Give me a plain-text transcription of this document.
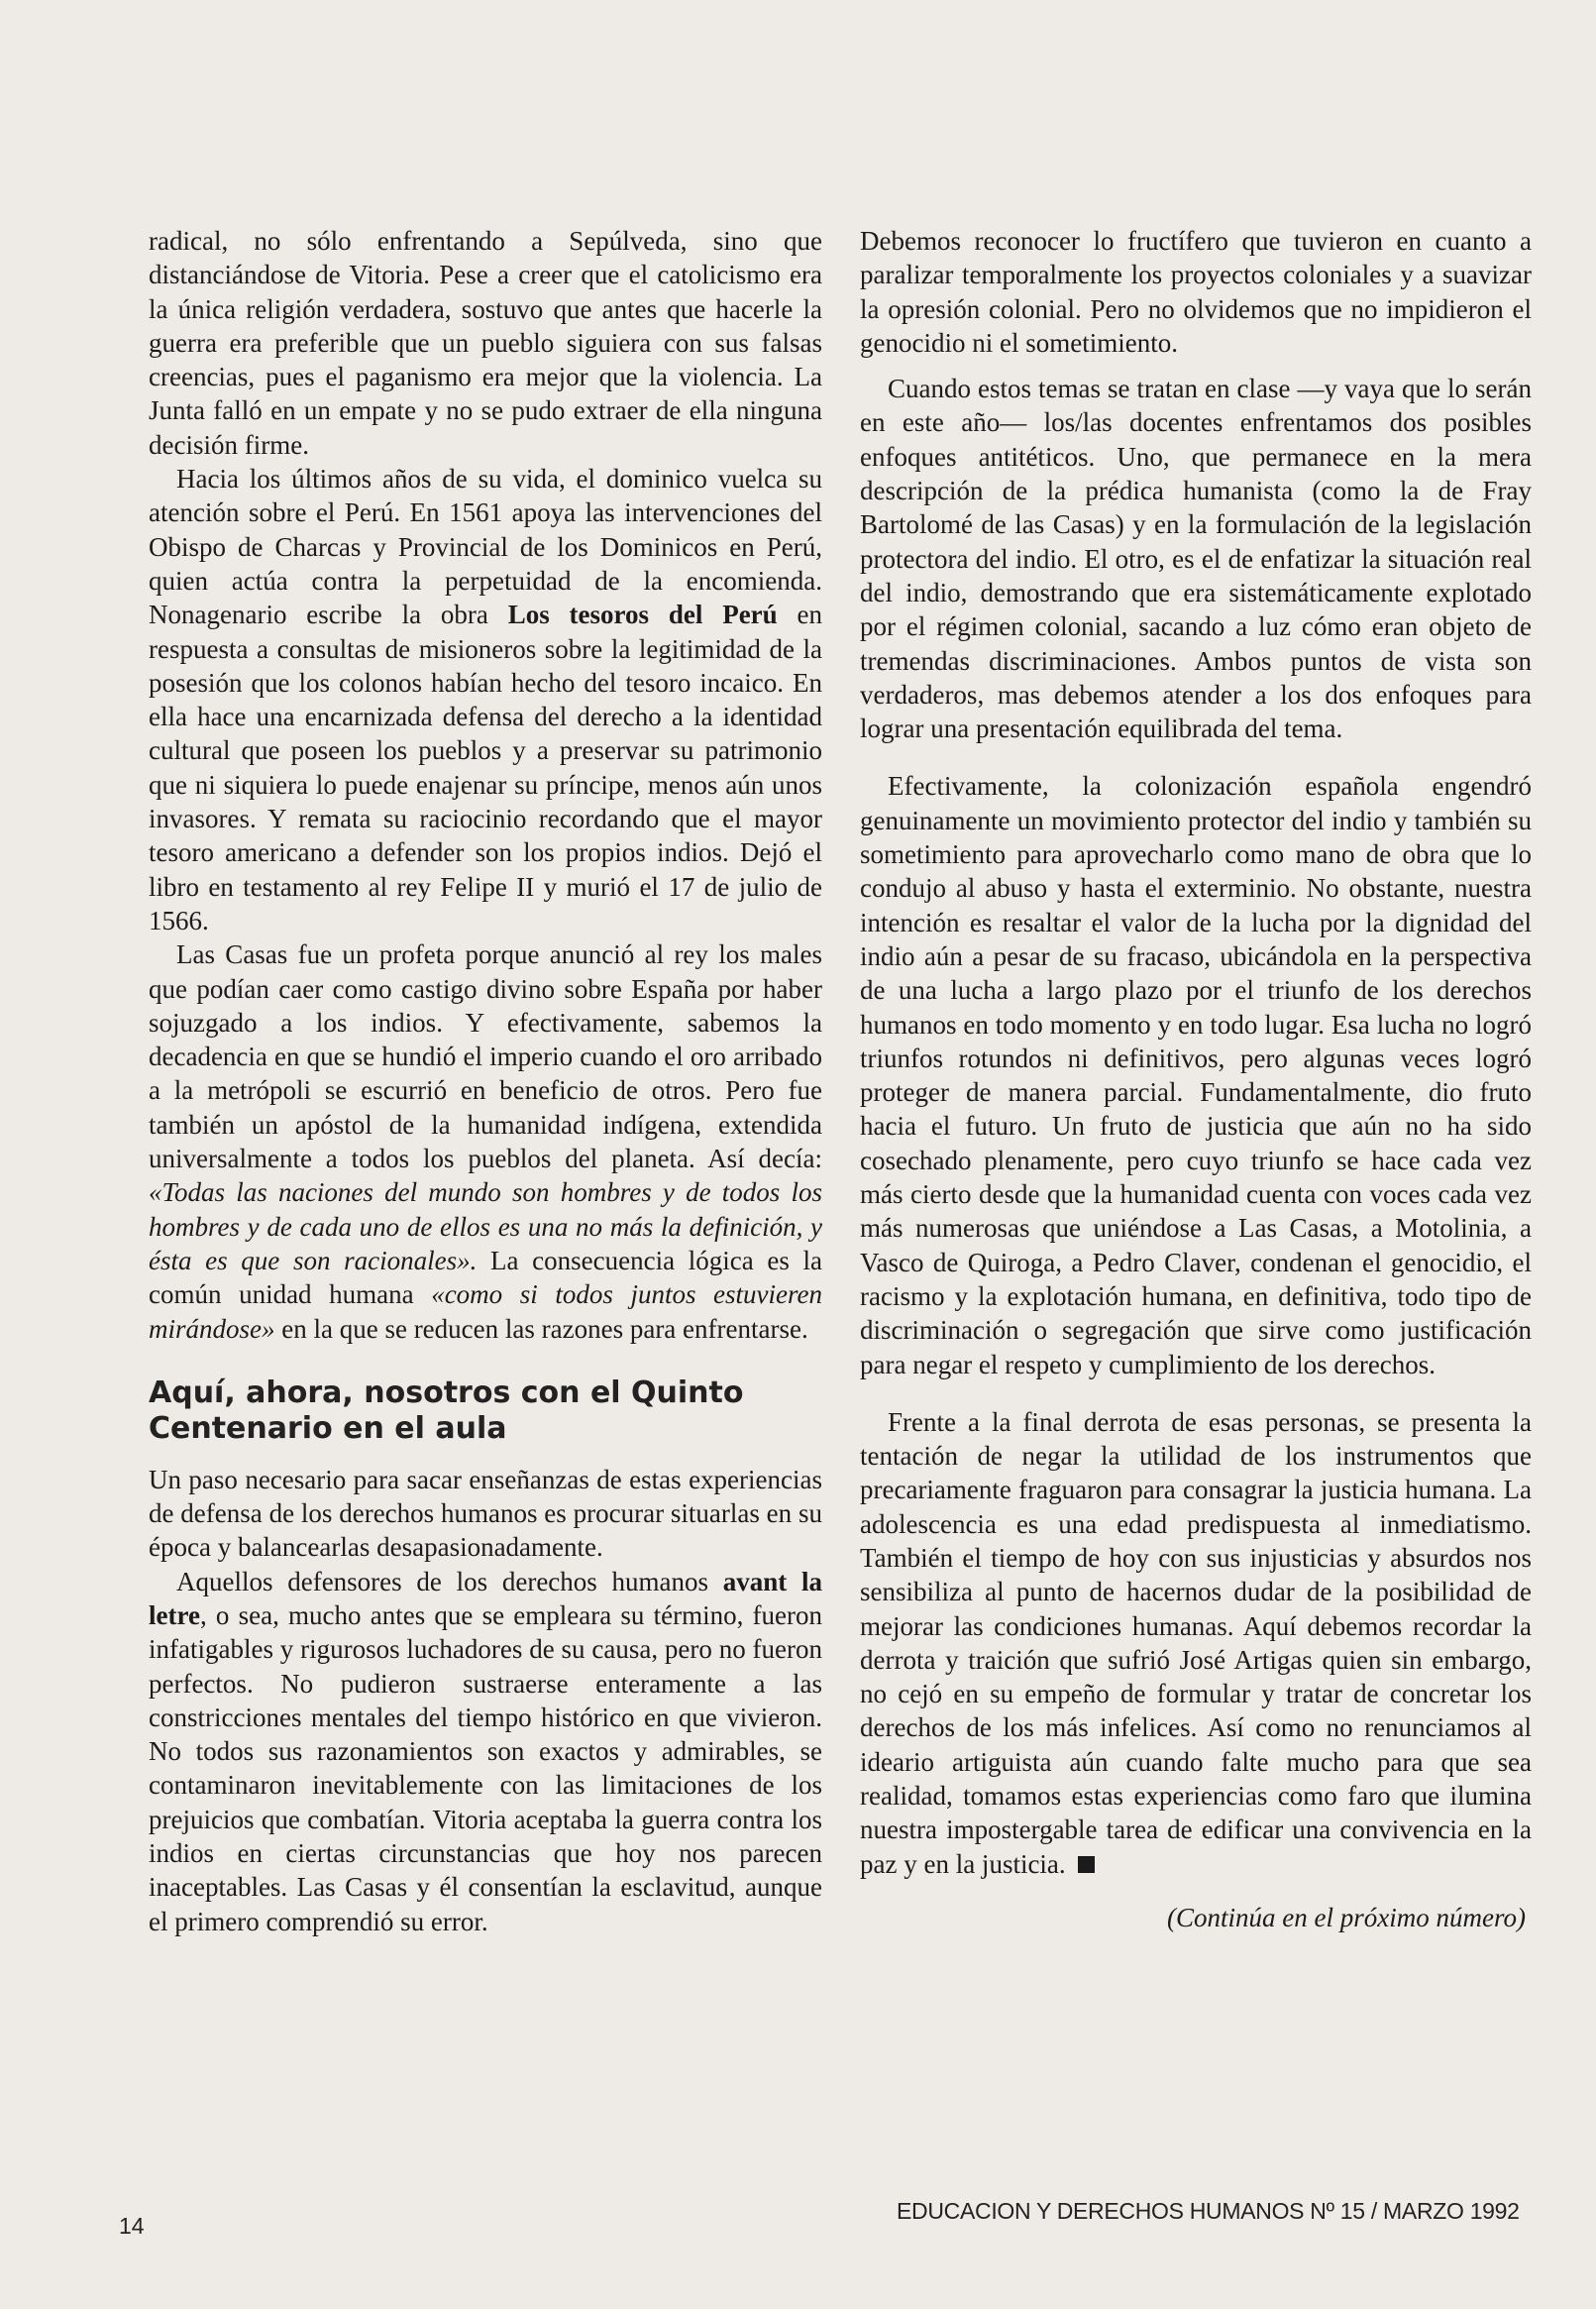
radical, no sólo enfrentando a Sepúlveda, sino que distanciándose de Vitoria. Pese a creer que el catolicismo era la única religión verdadera, sostuvo que antes que hacerle la guerra era preferible que un pueblo siguiera con sus falsas creencias, pues el paganismo era mejor que la violencia. La Junta falló en un empate y no se pudo extraer de ella ninguna decisión firme.

Hacia los últimos años de su vida, el dominico vuelca su atención sobre el Perú. En 1561 apoya las intervenciones del Obispo de Charcas y Provincial de los Dominicos en Perú, quien actúa contra la perpetuidad de la encomienda. Nonagenario escribe la obra Los tesoros del Perú en respuesta a consultas de misioneros sobre la legitimidad de la posesión que los colonos habían hecho del tesoro incaico. En ella hace una encarnizada defensa del derecho a la identidad cultural que poseen los pueblos y a preservar su patrimonio que ni siquiera lo puede enajenar su príncipe, menos aún unos invasores. Y remata su raciocinio recordando que el mayor tesoro americano a defender son los propios indios. Dejó el libro en testamento al rey Felipe II y murió el 17 de julio de 1566.

Las Casas fue un profeta porque anunció al rey los males que podían caer como castigo divino sobre España por haber sojuzgado a los indios. Y efectivamente, sabemos la decadencia en que se hundió el imperio cuando el oro arribado a la metrópoli se escurrió en beneficio de otros. Pero fue también un apóstol de la humanidad indígena, extendida universalmente a todos los pueblos del planeta. Así decía: «Todas las naciones del mundo son hombres y de todos los hombres y de cada uno de ellos es una no más la definición, y ésta es que son racionales». La consecuencia lógica es la común unidad humana «como si todos juntos estuvieren mirándose» en la que se reducen las razones para enfrentarse.

Aquí, ahora, nosotros con el Quinto Centenario en el aula

Un paso necesario para sacar enseñanzas de estas experiencias de defensa de los derechos humanos es procurar situarlas en su época y balancearlas desapasionadamente.

Aquellos defensores de los derechos humanos avant la letre, o sea, mucho antes que se empleara su término, fueron infatigables y rigurosos luchadores de su causa, pero no fueron perfectos. No pudieron sustraerse enteramente a las constricciones mentales del tiempo histórico en que vivieron. No todos sus razonamientos son exactos y admirables, se contaminaron inevitablemente con las limitaciones de los prejuicios que combatían. Vitoria aceptaba la guerra contra los indios en ciertas circunstancias que hoy nos parecen inaceptables. Las Casas y él consentían la esclavitud, aunque el primero comprendió su error.

Debemos reconocer lo fructífero que tuvieron en cuanto a paralizar temporalmente los proyectos coloniales y a suavizar la opresión colonial. Pero no olvidemos que no impidieron el genocidio ni el sometimiento.

Cuando estos temas se tratan en clase —y vaya que lo serán en este año— los/las docentes enfrentamos dos posibles enfoques antitéticos. Uno, que permanece en la mera descripción de la prédica humanista (como la de Fray Bartolomé de las Casas) y en la formulación de la legislación protectora del indio. El otro, es el de enfatizar la situación real del indio, demostrando que era sistemáticamente explotado por el régimen colonial, sacando a luz cómo eran objeto de tremendas discriminaciones. Ambos puntos de vista son verdaderos, mas debemos atender a los dos enfoques para lograr una presentación equilibrada del tema.

Efectivamente, la colonización española engendró genuinamente un movimiento protector del indio y también su sometimiento para aprovecharlo como mano de obra que lo condujo al abuso y hasta el exterminio. No obstante, nuestra intención es resaltar el valor de la lucha por la dignidad del indio aún a pesar de su fracaso, ubicándola en la perspectiva de una lucha a largo plazo por el triunfo de los derechos humanos en todo momento y en todo lugar. Esa lucha no logró triunfos rotundos ni definitivos, pero algunas veces logró proteger de manera parcial. Fundamentalmente, dio fruto hacia el futuro. Un fruto de justicia que aún no ha sido cosechado plenamente, pero cuyo triunfo se hace cada vez más cierto desde que la humanidad cuenta con voces cada vez más numerosas que uniéndose a Las Casas, a Motolinia, a Vasco de Quiroga, a Pedro Claver, condenan el genocidio, el racismo y la explotación humana, en definitiva, todo tipo de discriminación o segregación que sirve como justificación para negar el respeto y cumplimiento de los derechos.

Frente a la final derrota de esas personas, se presenta la tentación de negar la utilidad de los instrumentos que precariamente fraguaron para consagrar la justicia humana. La adolescencia es una edad predispuesta al inmediatismo. También el tiempo de hoy con sus injusticias y absurdos nos sensibiliza al punto de hacernos dudar de la posibilidad de mejorar las condiciones humanas. Aquí debemos recordar la derrota y traición que sufrió José Artigas quien sin embargo, no cejó en su empeño de formular y tratar de concretar los derechos de los más infelices. Así como no renunciamos al ideario artiguista aún cuando falte mucho para que sea realidad, tomamos estas experiencias como faro que ilumina nuestra impostergable tarea de edificar una convivencia en la paz y en la justicia.

(Continúa en el próximo número)

EDUCACION Y DERECHOS HUMANOS Nº 15 / MARZO 1992
14
